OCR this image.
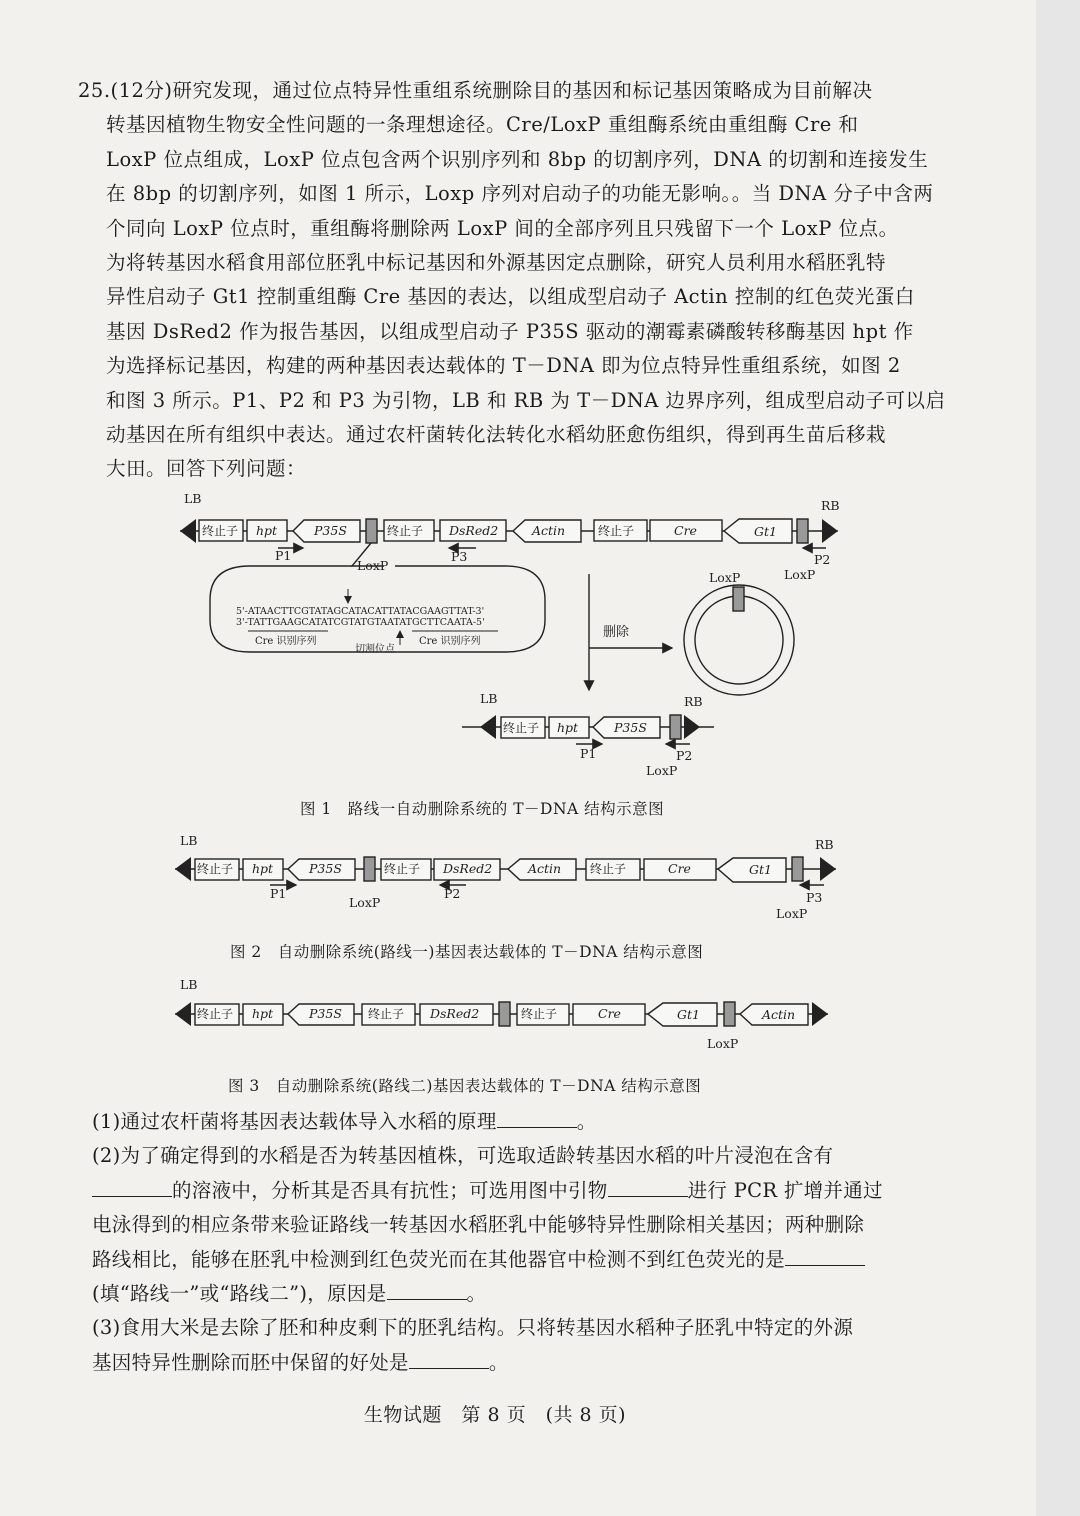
25.(12分)研究发现，通过位点特异性重组系统删除目的基因和标记基因策略成为目前解决

转基因植物生物安全性问题的一条理想途径。Cre/LoxP 重组酶系统由重组酶 Cre 和

LoxP 位点组成，LoxP 位点包含两个识别序列和 8bp 的切割序列，DNA 的切割和连接发生

在 8bp 的切割序列，如图 1 所示，Loxp 序列对启动子的功能无影响。。当 DNA 分子中含两

个同向 LoxP 位点时，重组酶将删除两 LoxP 间的全部序列且只残留下一个 LoxP 位点。

为将转基因水稻食用部位胚乳中标记基因和外源基因定点删除，研究人员利用水稻胚乳特

异性启动子 Gt1 控制重组酶 Cre 基因的表达，以组成型启动子 Actin 控制的红色荧光蛋白

基因 DsRed2 作为报告基因，以组成型启动子 P35S 驱动的潮霉素磷酸转移酶基因 hpt 作

为选择标记基因，构建的两种基因表达载体的 T－DNA 即为位点特异性重组系统，如图 2

和图 3 所示。P1、P2 和 P3 为引物，LB 和 RB 为 T－DNA 边界序列，组成型启动子可以启

动基因在所有组织中表达。通过农杆菌转化法转化水稻幼胚愈伤组织，得到再生苗后移栽

大田。回答下列问题：

LB	RB
终止子 hpt	P35S	终止子 DsRed2	Actin	终止子	Cre	Gt1
P1	P3	P2
LoxP
LoxP
5'-ATAACTTCGTATAGCATACATTATACGAAGTTAT-3'
3'-TATTGAAGCATATCGTATGTAATATGCTTCAATA-5'
Cre 识别序列	Cre 识别序列
切割位点
删除
LoxP
LB	RB
终止子 hpt	P35S
P1	P2
LoxP
LB	RB
终止子 hpt	P35S	终止子 DsRed2	Actin 终止子	Cre	Gt1
P1	P2	P3
LoxP
LoxP
LB
终止子 hpt	P35S 终止子 DsRed2	终止子	Cre	Gt1	Actin
LoxP
图 1　路线一自动删除系统的 T－DNA 结构示意图
图 2　自动删除系统(路线一)基因表达载体的 T－DNA 结构示意图
图 3　自动删除系统(路线二)基因表达载体的 T－DNA 结构示意图

(1)通过农杆菌将基因表达载体导入水稻的原理	。

(2)为了确定得到的水稻是否为转基因植株，可选取适龄转基因水稻的叶片浸泡在含有

的溶液中，分析其是否具有抗性；可选用图中引物	进行 PCR 扩增并通过

电泳得到的相应条带来验证路线一转基因水稻胚乳中能够特异性删除相关基因；两种删除

路线相比，能够在胚乳中检测到红色荧光而在其他器官中检测不到红色荧光的是

(填“路线一”或“路线二”)，原因是	。

(3)食用大米是去除了胚和种皮剩下的胚乳结构。只将转基因水稻种子胚乳中特定的外源

基因特异性删除而胚中保留的好处是	。

生物试题　第 8 页　(共 8 页)
